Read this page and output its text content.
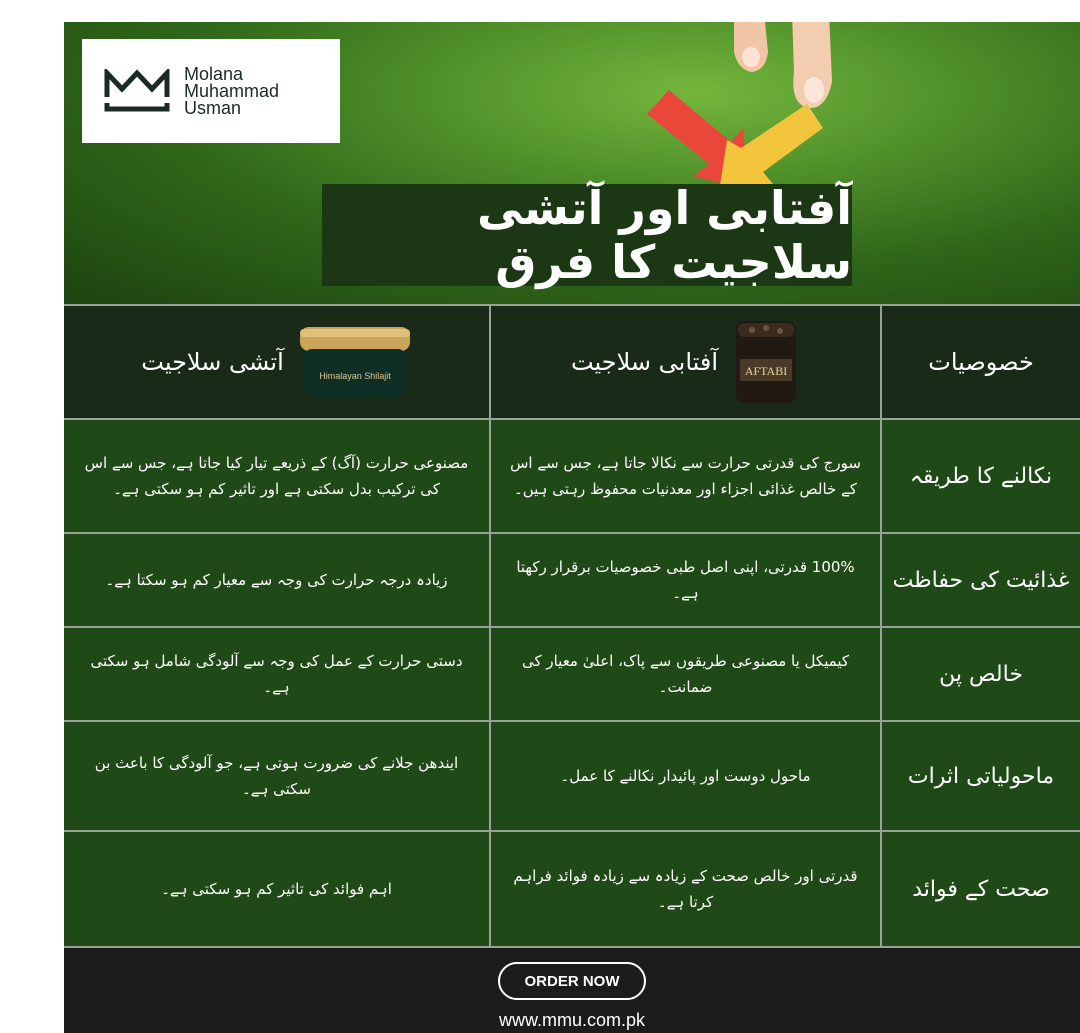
Molana
Muhammad
Usman
آفتابی اور آتشی سلاجیت کا فرق
خصوصیات
AFTABI
آفتابی سلاجیت
Himalayan Shilajit
آتشی سلاجیت
نکالنے کا طریقہ
سورج کی قدرتی حرارت سے نکالا جاتا ہے، جس سے اس کے خالص غذائی اجزاء اور معدنیات محفوظ رہتی ہیں۔
مصنوعی حرارت (آگ) کے ذریعے تیار کیا جاتا ہے، جس سے اس کی ترکیب بدل سکتی ہے اور تاثیر کم ہو سکتی ہے۔
غذائیت کی حفاظت
100% قدرتی، اپنی اصل طبی خصوصیات برقرار رکھتا ہے۔
زیادہ درجہ حرارت کی وجہ سے معیار کم ہو سکتا ہے۔
خالص پن
کیمیکل یا مصنوعی طریقوں سے پاک، اعلیٰ معیار کی ضمانت۔
دستی حرارت کے عمل کی وجہ سے آلودگی شامل ہو سکتی ہے۔
ماحولیاتی اثرات
ماحول دوست اور پائیدار نکالنے کا عمل۔
ایندھن جلانے کی ضرورت ہوتی ہے، جو آلودگی کا باعث بن سکتی ہے۔
صحت کے فوائد
قدرتی اور خالص صحت کے زیادہ سے زیادہ فوائد فراہم کرتا ہے۔
اہم فوائد کی تاثیر کم ہو سکتی ہے۔
ORDER NOW
www.mmu.com.pk
